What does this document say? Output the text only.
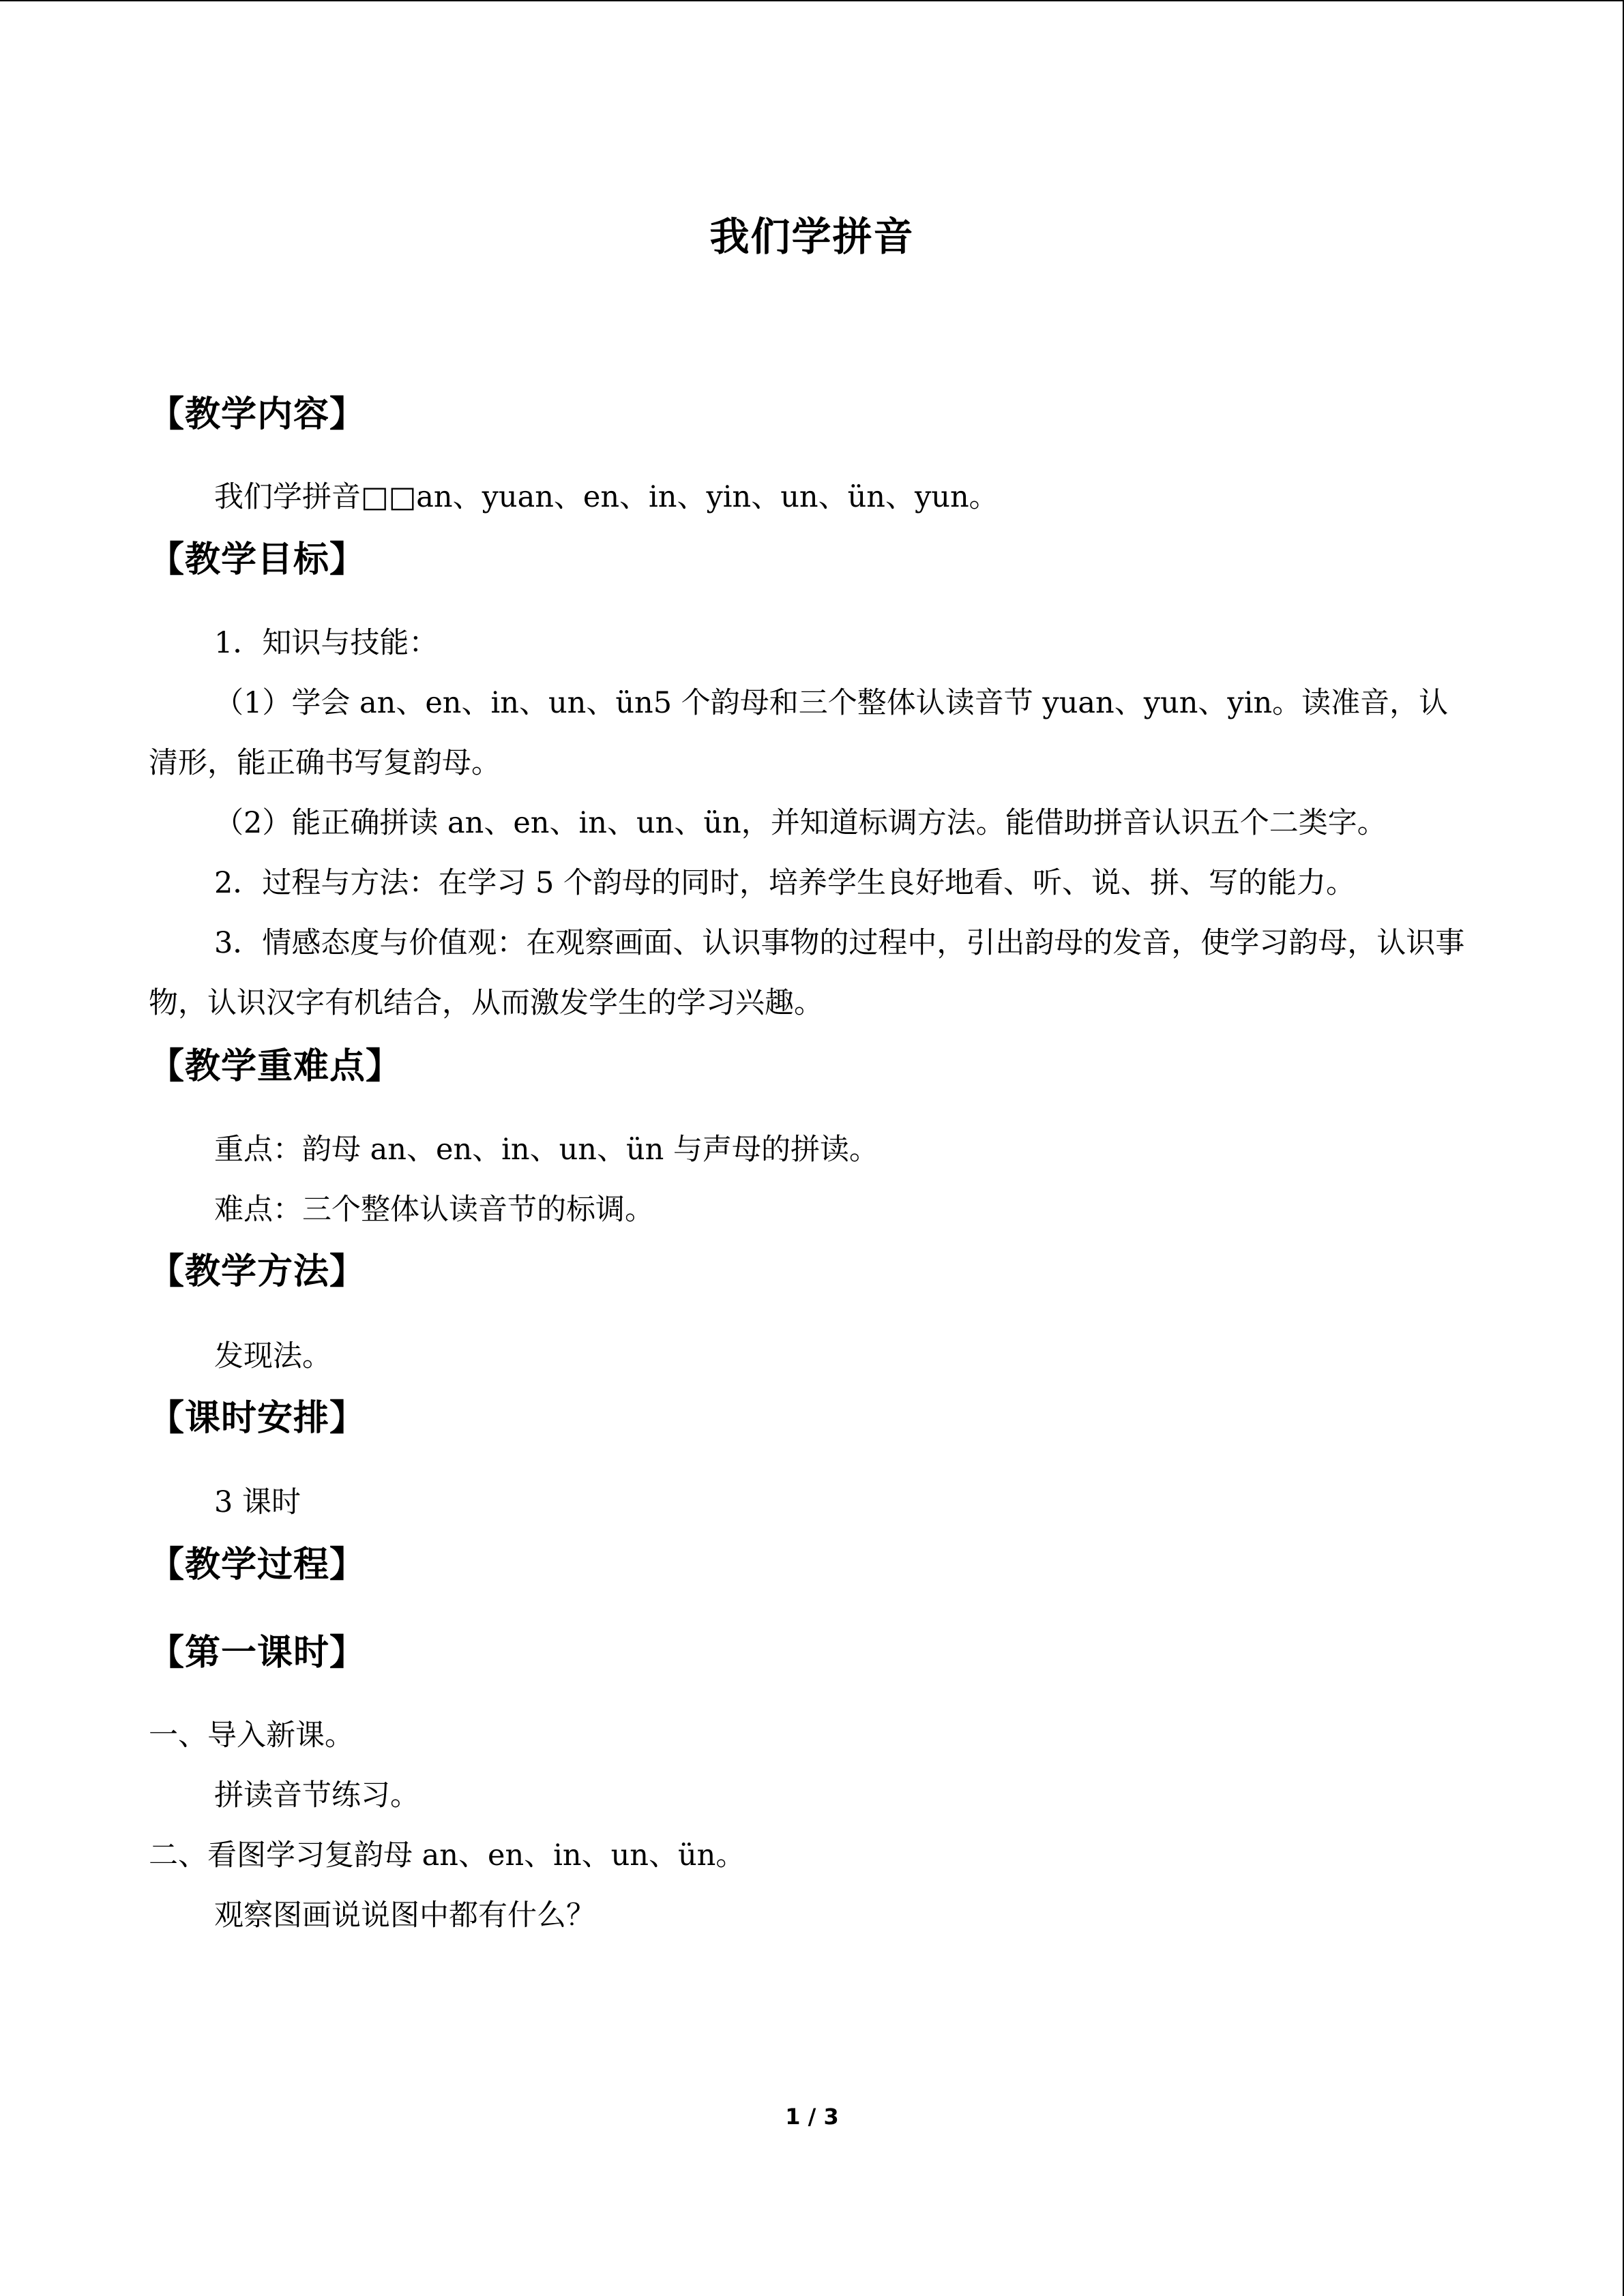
我们学拼音
【教学内容】
我们学拼音□□an、yuan、en、in、yin、un、ün、yun。
【教学目标】
1．知识与技能：
（1）学会 an、en、in、un、ün5 个韵母和三个整体认读音节 yuan、yun、yin。读准音，认清形，能正确书写复韵母。
（2）能正确拼读 an、en、in、un、ün，并知道标调方法。能借助拼音认识五个二类字。
2．过程与方法：在学习 5 个韵母的同时，培养学生良好地看、听、说、拼、写的能力。
3．情感态度与价值观：在观察画面、认识事物的过程中，引出韵母的发音，使学习韵母，认识事物，认识汉字有机结合，从而激发学生的学习兴趣。
【教学重难点】
重点：韵母 an、en、in、un、ün 与声母的拼读。
难点：三个整体认读音节的标调。
【教学方法】
发现法。
【课时安排】
3 课时
【教学过程】
【第一课时】
一、导入新课。
拼读音节练习。
二、看图学习复韵母 an、en、in、un、ün。
观察图画说说图中都有什么？
1 / 3
